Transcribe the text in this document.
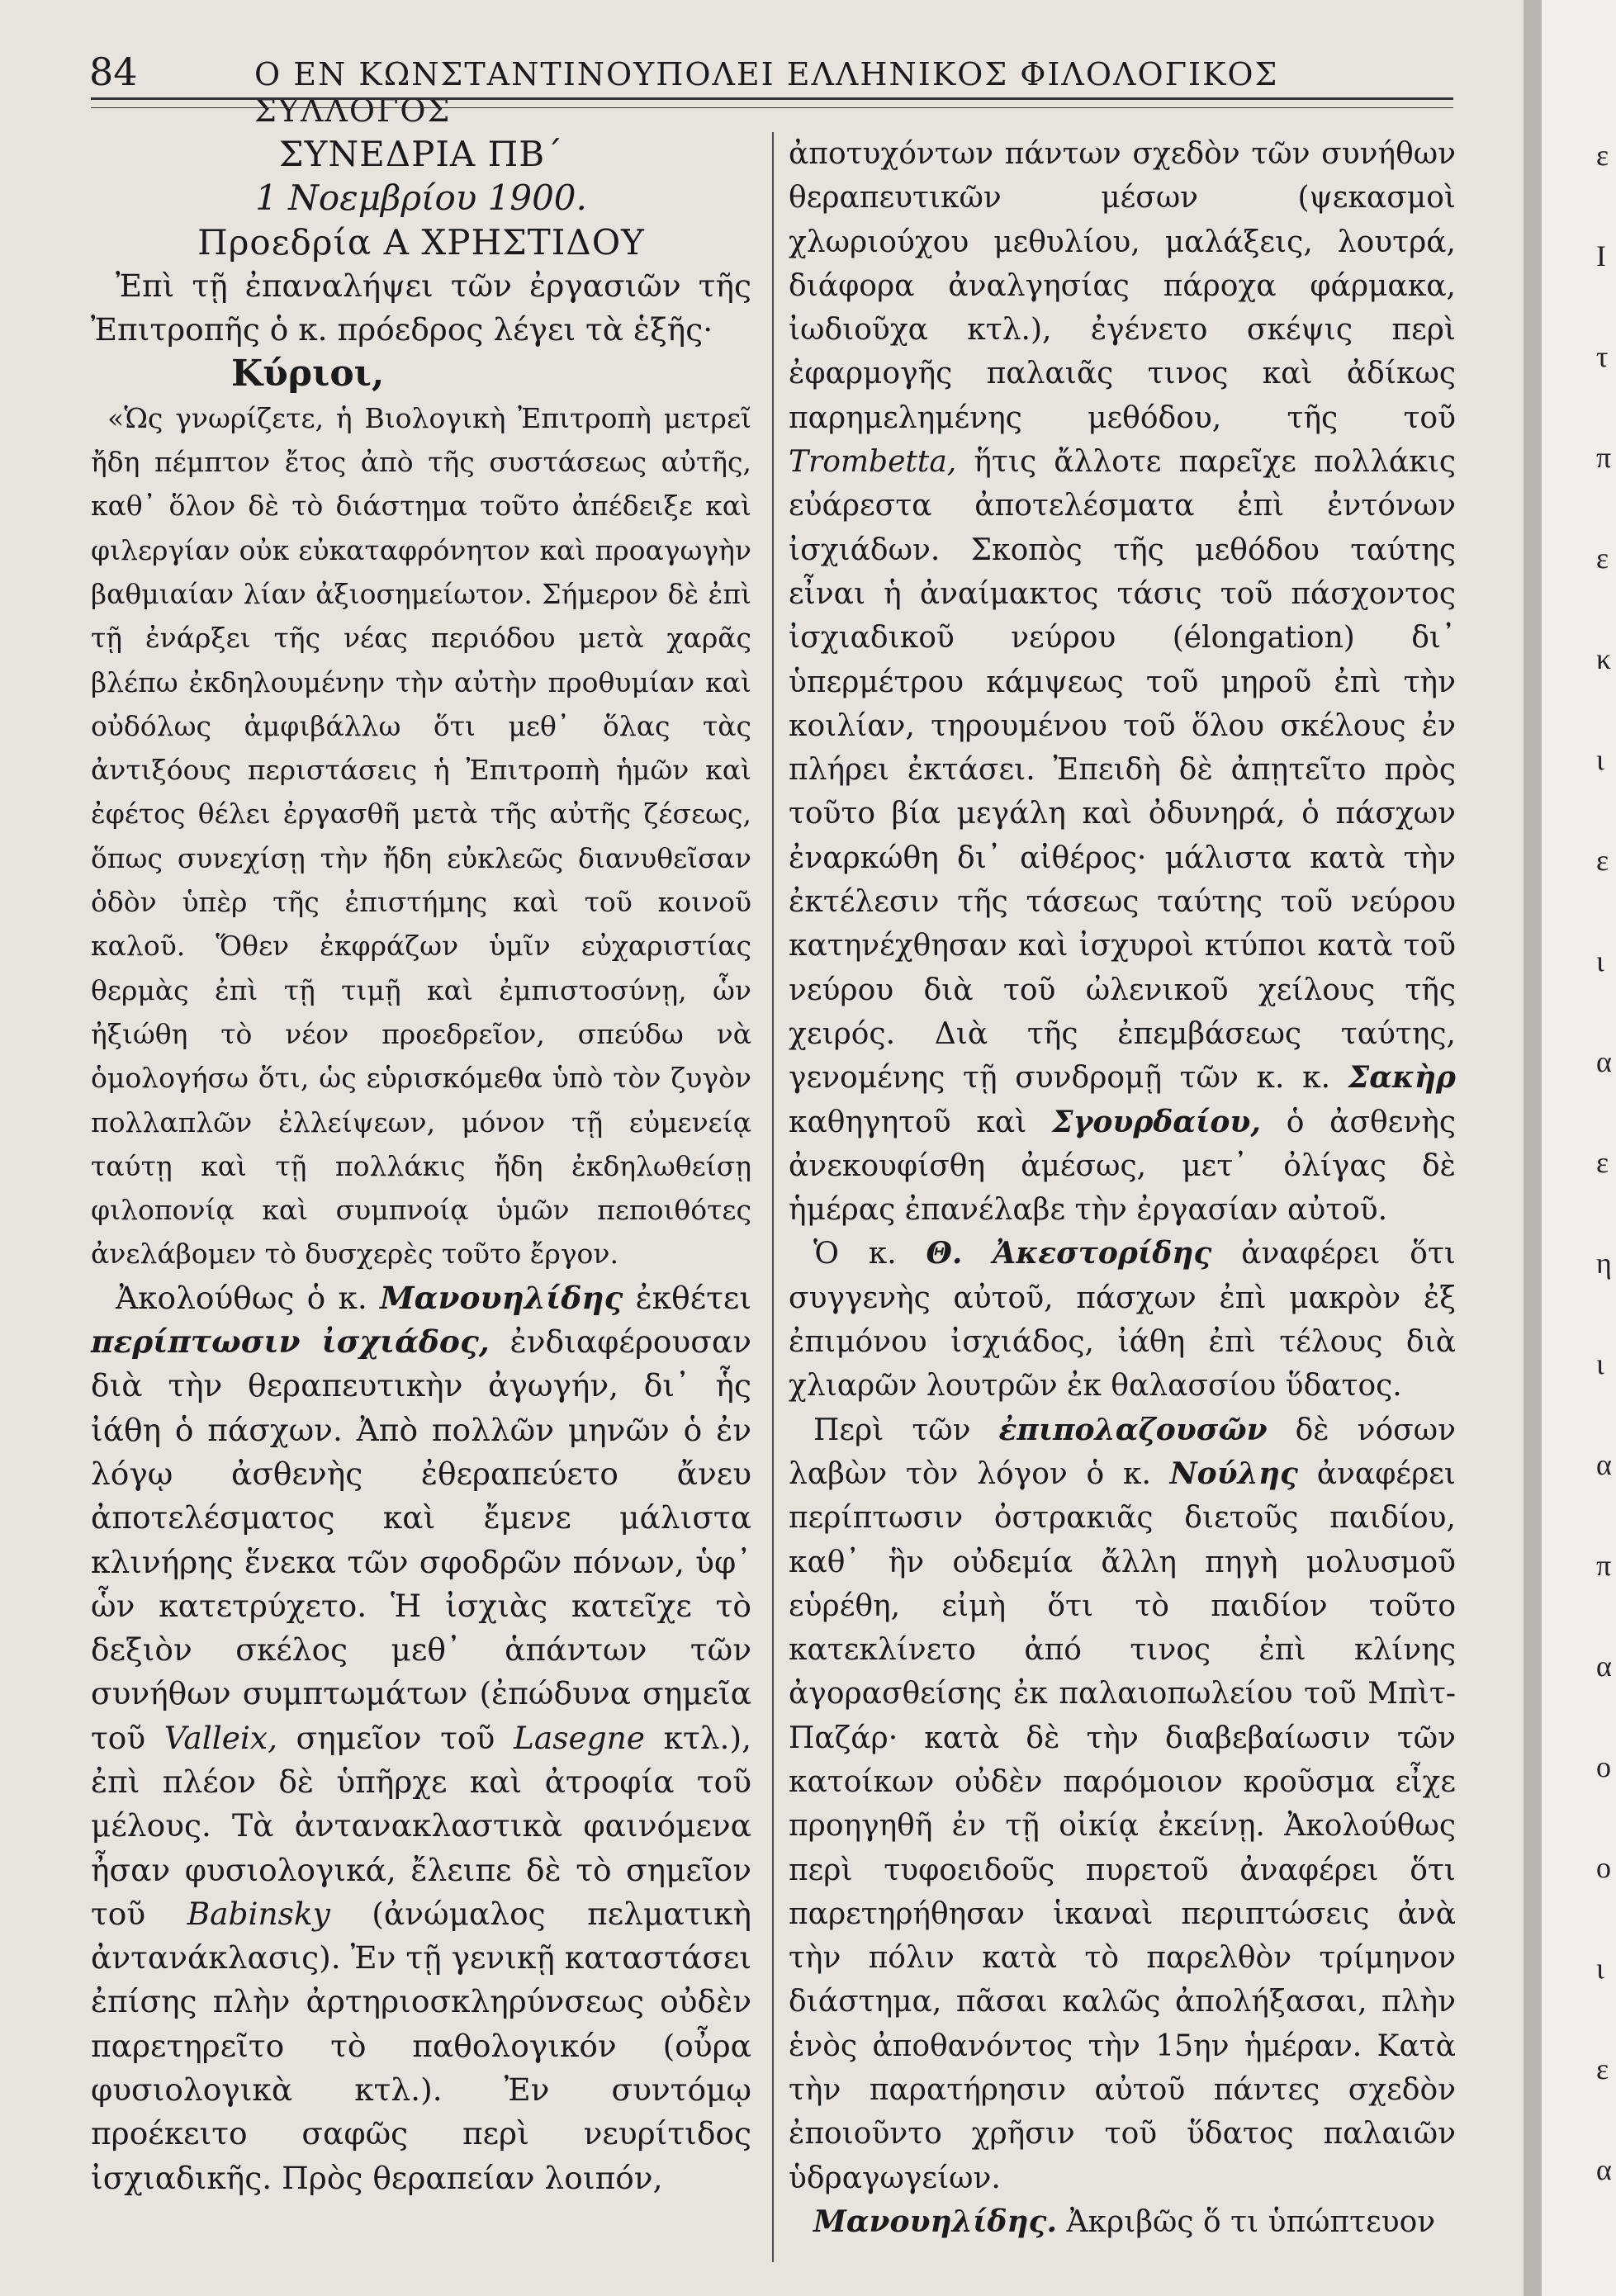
84	Ο ΕΝ ΚΩΝΣΤΑΝΤΙΝΟΥΠΟΛΕΙ ΕΛΛΗΝΙΚΟΣ ΦΙΛΟΛΟΓΙΚΟΣ ΣΥΛΛΟΓΟΣ

ΣΥΝΕΔΡΙΑ ΠΒ΄

1 Νοεμβρίου 1900.

Προεδρία Α ΧΡΗΣΤΙΔΟΥ

Ἐπὶ τῇ ἐπαναλήψει τῶν ἐργασιῶν τῆς Ἐπιτροπῆς ὁ κ. πρόεδρος λέγει τὰ ἑξῆς·

Κύριοι,

«Ὡς γνωρίζετε, ἡ Βιολογικὴ Ἐπιτροπὴ μετρεῖ ἤδη πέμπτον ἔτος ἀπὸ τῆς συστάσεως αὐτῆς, καθ᾿ ὅλον δὲ τὸ διάστημα τοῦτο ἀπέδειξε καὶ φιλεργίαν οὐκ εὐκαταφρόνητον καὶ προαγωγὴν βαθμιαίαν λίαν ἀξιοσημείωτον. Σήμερον δὲ ἐπὶ τῇ ἐνάρξει τῆς νέας περιόδου μετὰ χαρᾶς βλέπω ἐκδηλουμένην τὴν αὐτὴν προθυμίαν καὶ οὐδόλως ἀμφιβάλλω ὅτι μεθ᾿ ὅλας τὰς ἀντιξόους περιστάσεις ἡ Ἐπιτροπὴ ἡμῶν καὶ ἐφέτος θέλει ἐργασθῆ μετὰ τῆς αὐτῆς ζέσεως, ὅπως συνεχίσῃ τὴν ἤδη εὐκλεῶς διανυθεῖσαν ὁδὸν ὑπὲρ τῆς ἐπιστήμης καὶ τοῦ κοινοῦ καλοῦ. Ὅθεν ἐκφράζων ὑμῖν εὐχαριστίας θερμὰς ἐπὶ τῇ τιμῇ καὶ ἐμπιστοσύνῃ, ὧν ἠξιώθη τὸ νέον προεδρεῖον, σπεύδω νὰ ὁμολογήσω ὅτι, ὡς εὑρισκόμεθα ὑπὸ τὸν ζυγὸν πολλαπλῶν ἐλλείψεων, μόνον τῇ εὐμενείᾳ ταύτῃ καὶ τῇ πολλάκις ἤδη ἐκδηλωθείσῃ φιλοπονίᾳ καὶ συμπνοίᾳ ὑμῶν πεποιθότες ἀνελάβομεν τὸ δυσχερὲς τοῦτο ἔργον.

Ἀκολούθως ὁ κ. Μανουηλίδης ἐκθέτει περίπτωσιν ἰσχιάδος, ἐνδιαφέρουσαν διὰ τὴν θεραπευτικὴν ἀγωγήν, δι᾿ ἧς ἰάθη ὁ πάσχων. Ἀπὸ πολλῶν μηνῶν ὁ ἐν λόγῳ ἀσθενὴς ἐθεραπεύετο ἄνευ ἀποτελέσματος καὶ ἔμενε μάλιστα κλινήρης ἕνεκα τῶν σφοδρῶν πόνων, ὑφ᾿ ὧν κατετρύχετο. Ἡ ἰσχιὰς κατεῖχε τὸ δεξιὸν σκέλος μεθ᾿ ἁπάντων τῶν συνήθων συμπτωμάτων (ἐπώδυνα σημεῖα τοῦ Valleix, σημεῖον τοῦ Lasegne κτλ.), ἐπὶ πλέον δὲ ὑπῆρχε καὶ ἀτροφία τοῦ μέλους. Τὰ ἀντανακλαστικὰ φαινόμενα ἦσαν φυσιολογικά, ἔλειπε δὲ τὸ σημεῖον τοῦ Babinsky (ἀνώμαλος πελματικὴ ἀντανάκλασις). Ἐν τῇ γενικῇ καταστάσει ἐπίσης πλὴν ἀρτηριοσκληρύνσεως οὐδὲν παρετηρεῖτο τὸ παθολογικόν (οὖρα φυσιολογικὰ κτλ.). Ἐν συντόμῳ προέκειτο σαφῶς περὶ νευρίτιδος ἰσχιαδικῆς. Πρὸς θεραπείαν λοιπόν,

ἀποτυχόντων πάντων σχεδὸν τῶν συνήθων θεραπευτικῶν μέσων (ψεκασμοὶ χλωριούχου μεθυλίου, μαλάξεις, λουτρά, διάφορα ἀναλγησίας πάροχα φάρμακα, ἰωδιοῦχα κτλ.), ἐγένετο σκέψις περὶ ἐφαρμογῆς παλαιᾶς τινος καὶ ἀδίκως παρημελημένης μεθόδου, τῆς τοῦ Trombetta, ἥτις ἄλλοτε παρεῖχε πολλάκις εὐάρεστα ἀποτελέσματα ἐπὶ ἐντόνων ἰσχιάδων. Σκοπὸς τῆς μεθόδου ταύτης εἶναι ἡ ἀναίμακτος τάσις τοῦ πάσχοντος ἰσχιαδικοῦ νεύρου (élongation) δι᾿ ὑπερμέτρου κάμψεως τοῦ μηροῦ ἐπὶ τὴν κοιλίαν, τηρουμένου τοῦ ὅλου σκέλους ἐν πλήρει ἐκτάσει. Ἐπειδὴ δὲ ἀπῃτεῖτο πρὸς τοῦτο βία μεγάλη καὶ ὀδυνηρά, ὁ πάσχων ἐναρκώθη δι᾿ αἰθέρος· μάλιστα κατὰ τὴν ἐκτέλεσιν τῆς τάσεως ταύτης τοῦ νεύρου κατηνέχθησαν καὶ ἰσχυροὶ κτύποι κατὰ τοῦ νεύρου διὰ τοῦ ὠλενικοῦ χείλους τῆς χειρός. Διὰ τῆς ἐπεμβάσεως ταύτης, γενομένης τῇ συνδρομῇ τῶν κ. κ. Σακὴρ καθηγητοῦ καὶ Σγουρδαίου, ὁ ἀσθενὴς ἀνεκουφίσθη ἀμέσως, μετ᾿ ὀλίγας δὲ ἡμέρας ἐπανέλαβε τὴν ἐργασίαν αὐτοῦ.

Ὁ κ. Θ. Ἀκεστορίδης ἀναφέρει ὅτι συγγενὴς αὐτοῦ, πάσχων ἐπὶ μακρὸν ἐξ ἐπιμόνου ἰσχιάδος, ἰάθη ἐπὶ τέλους διὰ χλιαρῶν λουτρῶν ἐκ θαλασσίου ὕδατος.

Περὶ τῶν ἐπιπολαζουσῶν δὲ νόσων λαβὼν τὸν λόγον ὁ κ. Νούλης ἀναφέρει περίπτωσιν ὀστρακιᾶς διετοῦς παιδίου, καθ᾿ ἣν οὐδεμία ἄλλη πηγὴ μολυσμοῦ εὑρέθη, εἰμὴ ὅτι τὸ παιδίον τοῦτο κατεκλίνετο ἀπό τινος ἐπὶ κλίνης ἀγορασθείσης ἐκ παλαιοπωλείου τοῦ Μπὶτ-Παζάρ· κατὰ δὲ τὴν διαβεβαίωσιν τῶν κατοίκων οὐδὲν παρόμοιον κροῦσμα εἶχε προηγηθῆ ἐν τῇ οἰκίᾳ ἐκείνῃ. Ἀκολούθως περὶ τυφοειδοῦς πυρετοῦ ἀναφέρει ὅτι παρετηρήθησαν ἱκαναὶ περιπτώσεις ἀνὰ τὴν πόλιν κατὰ τὸ παρελθὸν τρίμηνον διάστημα, πᾶσαι καλῶς ἀπολήξασαι, πλὴν ἑνὸς ἀποθανόντος τὴν 15ην ἡμέραν. Κατὰ τὴν παρατήρησιν αὐτοῦ πάντες σχεδὸν ἐποιοῦντο χρῆσιν τοῦ ὕδατος παλαιῶν ὑδραγωγείων.

Μανουηλίδης. Ἀκριβῶς ὅ τι ὑπώπτευον

ε
Ι
τ
π
ε
κ
ι
ε
ι
α
ε
η
ι
α
π
α
ο
ο
ι
ε
α
